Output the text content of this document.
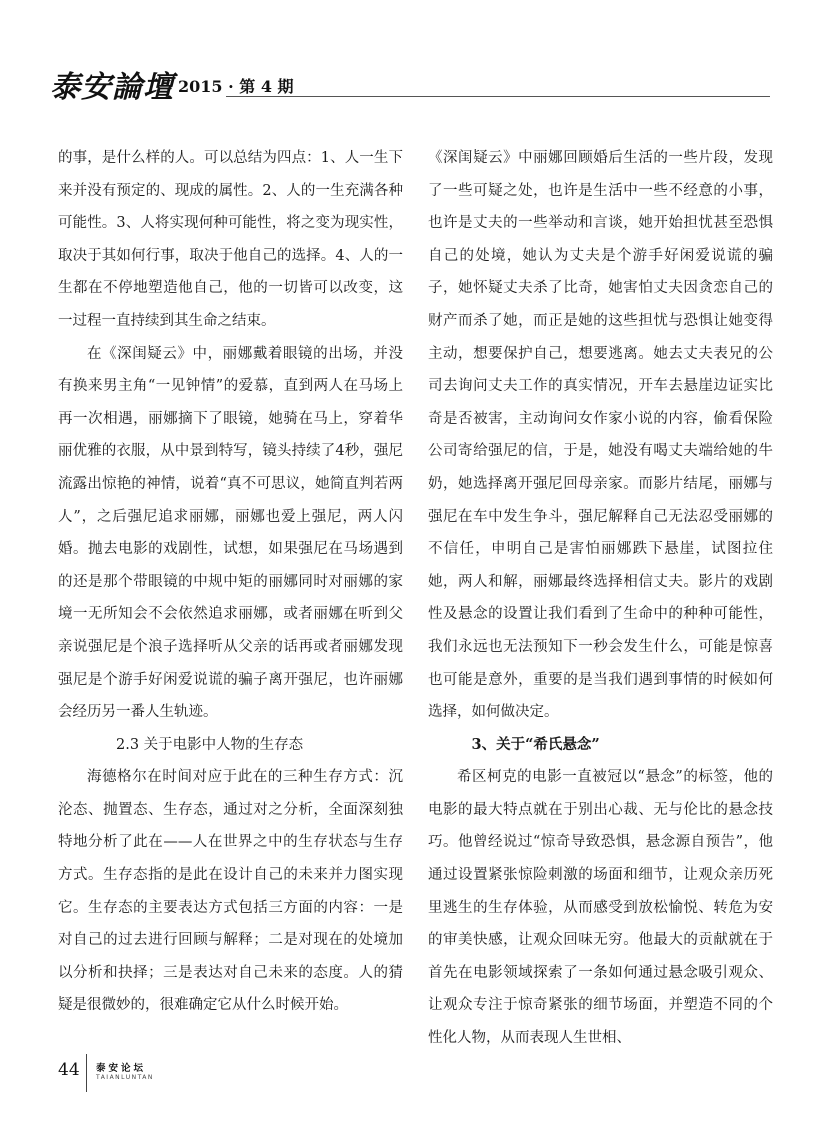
泰安論壇 2015 · 第 4 期

的事，是什么样的人。可以总结为四点：1、人一生下来并没有预定的、现成的属性。2、人的一生充满各种可能性。3、人将实现何种可能性，将之变为现实性，取决于其如何行事，取决于他自己的选择。4、人的一生都在不停地塑造他自己，他的一切皆可以改变，这一过程一直持续到其生命之结束。

在《深闺疑云》中，丽娜戴着眼镜的出场，并没有换来男主角“一见钟情”的爱慕，直到两人在马场上再一次相遇，丽娜摘下了眼镜，她骑在马上，穿着华丽优雅的衣服，从中景到特写，镜头持续了4秒，强尼流露出惊艳的神情，说着“真不可思议，她简直判若两人”，之后强尼追求丽娜，丽娜也爱上强尼，两人闪婚。抛去电影的戏剧性，试想，如果强尼在马场遇到的还是那个带眼镜的中规中矩的丽娜同时对丽娜的家境一无所知会不会依然追求丽娜，或者丽娜在听到父亲说强尼是个浪子选择听从父亲的话再或者丽娜发现强尼是个游手好闲爱说谎的骗子离开强尼，也许丽娜会经历另一番人生轨迹。

2.3 关于电影中人物的生存态

海德格尔在时间对应于此在的三种生存方式：沉沦态、抛置态、生存态，通过对之分析，全面深刻独特地分析了此在——人在世界之中的生存状态与生存方式。生存态指的是此在设计自己的未来并力图实现它。生存态的主要表达方式包括三方面的内容：一是对自己的过去进行回顾与解释；二是对现在的处境加以分析和抉择；三是表达对自己未来的态度。人的猜疑是很微妙的，很难确定它从什么时候开始。

《深闺疑云》中丽娜回顾婚后生活的一些片段，发现了一些可疑之处，也许是生活中一些不经意的小事，也许是丈夫的一些举动和言谈，她开始担忧甚至恐惧自己的处境，她认为丈夫是个游手好闲爱说谎的骗子，她怀疑丈夫杀了比奇，她害怕丈夫因贪恋自己的财产而杀了她，而正是她的这些担忧与恐惧让她变得主动，想要保护自己，想要逃离。她去丈夫表兄的公司去询问丈夫工作的真实情况，开车去悬崖边证实比奇是否被害，主动询问女作家小说的内容，偷看保险公司寄给强尼的信，于是，她没有喝丈夫端给她的牛奶，她选择离开强尼回母亲家。而影片结尾，丽娜与强尼在车中发生争斗，强尼解释自己无法忍受丽娜的不信任，申明自己是害怕丽娜跌下悬崖，试图拉住她，两人和解，丽娜最终选择相信丈夫。影片的戏剧性及悬念的设置让我们看到了生命中的种种可能性，我们永远也无法预知下一秒会发生什么，可能是惊喜也可能是意外，重要的是当我们遇到事情的时候如何选择，如何做决定。

3、关于“希氏悬念”

希区柯克的电影一直被冠以“悬念”的标签，他的电影的最大特点就在于别出心裁、无与伦比的悬念技巧。他曾经说过“惊奇导致恐惧，悬念源自预告”，他通过设置紧张惊险刺激的场面和细节，让观众亲历死里逃生的生存体验，从而感受到放松愉悦、转危为安的审美快感，让观众回味无穷。他最大的贡献就在于首先在电影领域探索了一条如何通过悬念吸引观众、让观众专注于惊奇紧张的细节场面，并塑造不同的个性化人物，从而表现人生世相、

44 泰安论坛
TAIANLUNTAN
